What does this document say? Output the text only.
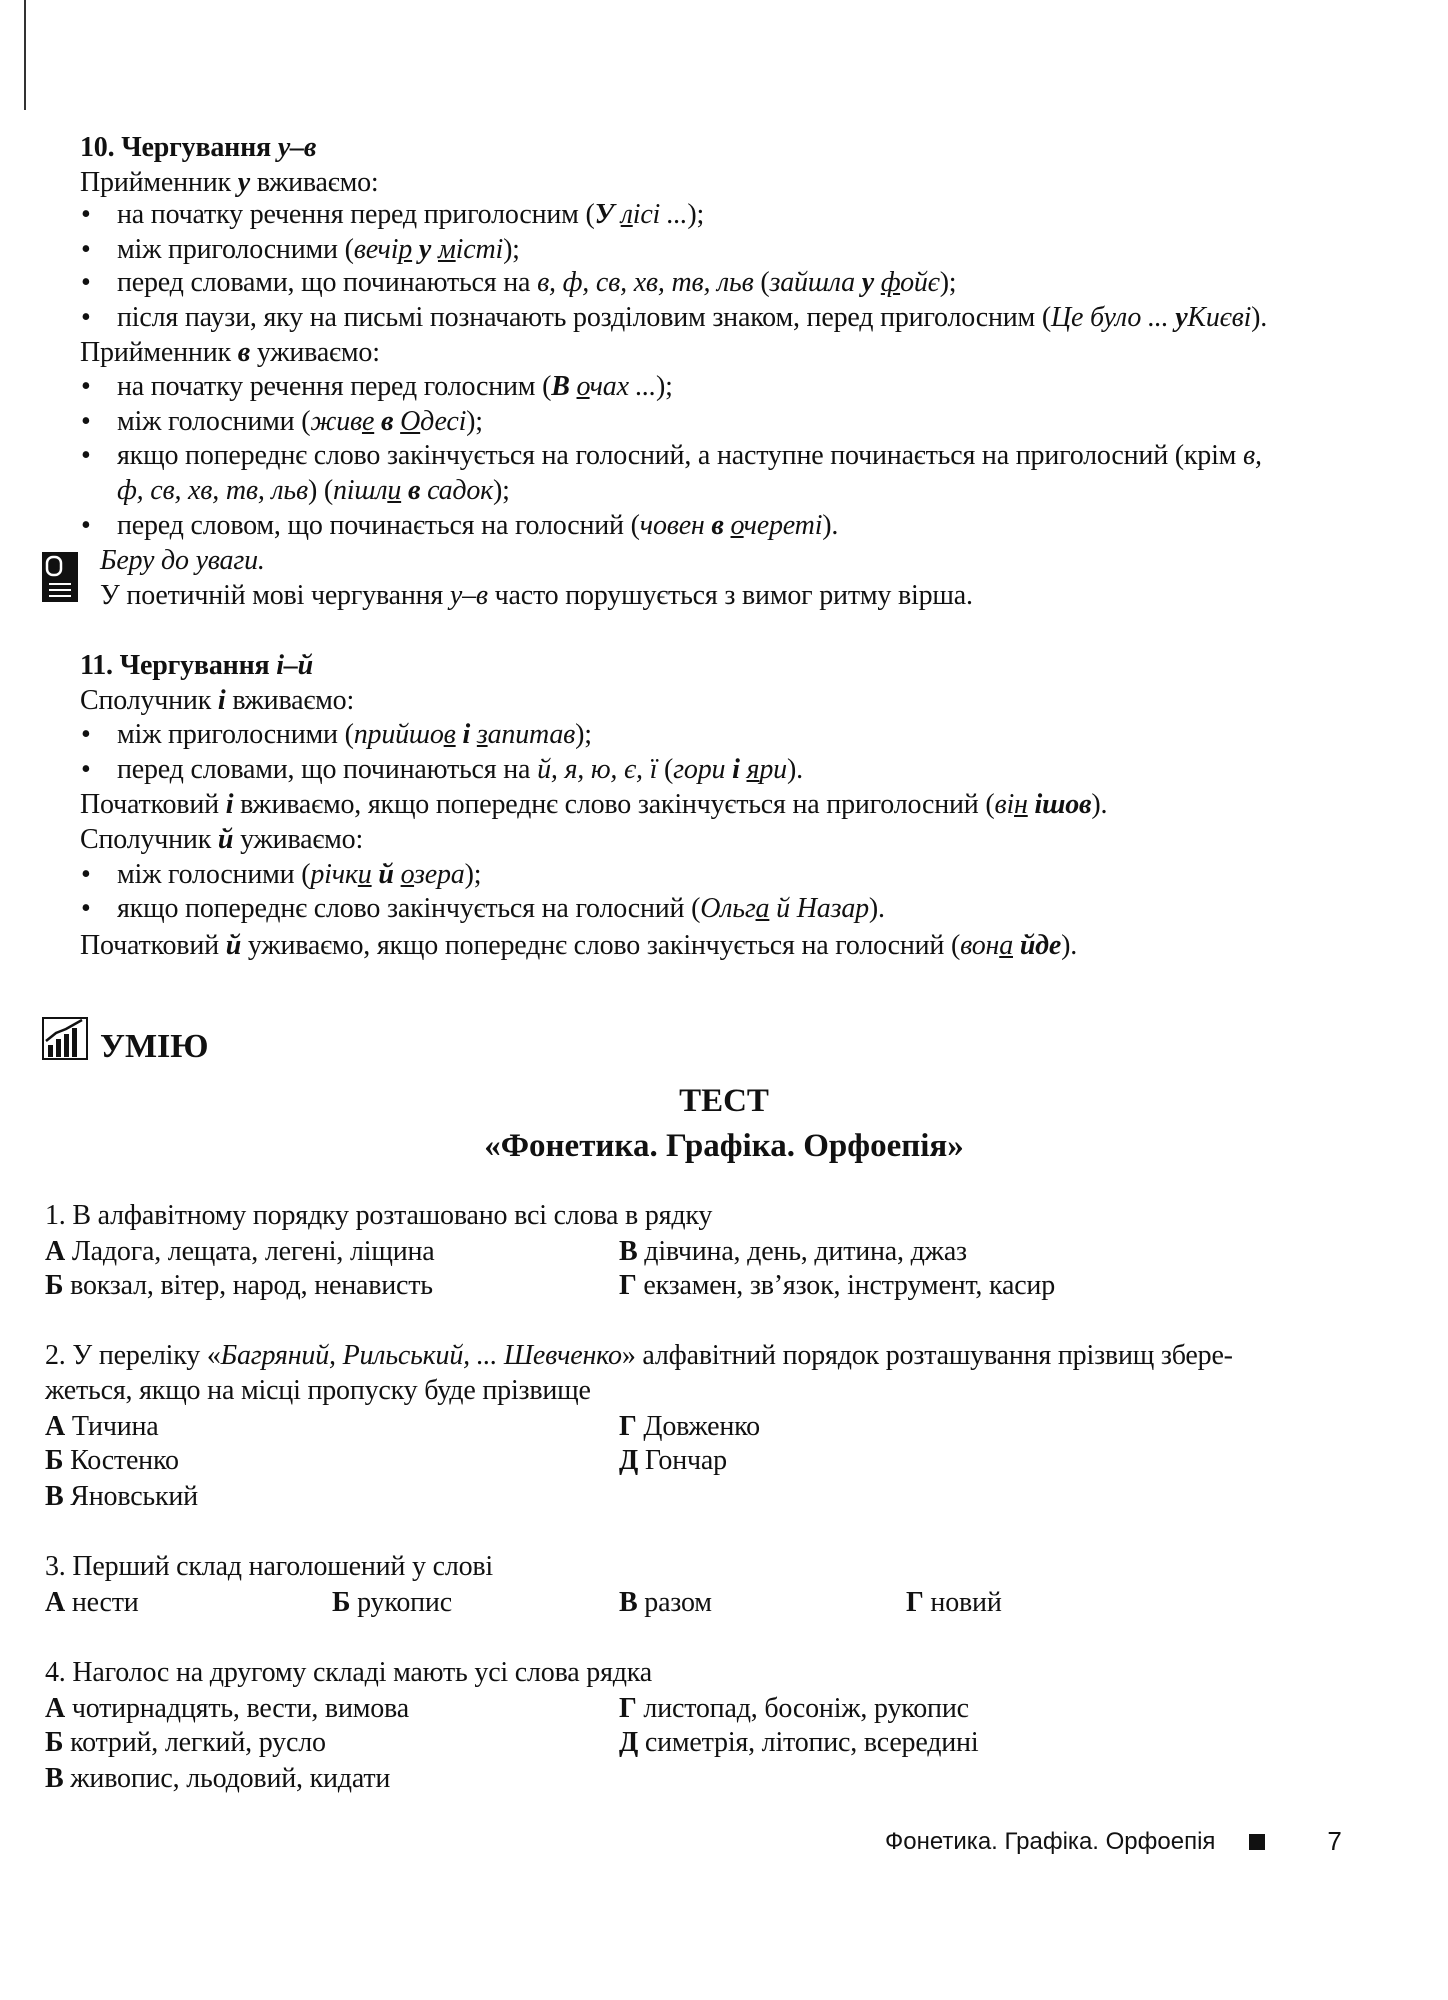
10. Чергування у–в
Прийменник у вживаємо:
• на початку речення перед приголосним (У лісі ...);
• між приголосними (вечір у місті);
• перед словами, що починаються на в, ф, св, хв, тв, льв (зайшла у фойє);
• після паузи, яку на письмі позначають розділовим знаком, перед приголосним (Це було ... уКиєві).
Прийменник в уживаємо:
• на початку речення перед голосним (В очах ...);
• між голосними (живе в Одесі);
• якщо попереднє слово закінчується на голосний, а наступне починається на приголосний (крім в,
ф, св, хв, тв, льв) (пішли в садок);
• перед словом, що починається на голосний (човен в очереті).
Беру до уваги.
У поетичній мові чергування у–в часто порушується з вимог ритму вірша.
11. Чергування і–й
Сполучник і вживаємо:
• між приголосними (прийшов і запитав);
• перед словами, що починаються на й, я, ю, є, ї (гори і яри).
Початковий і вживаємо, якщо попереднє слово закінчується на приголосний (він ішов).
Сполучник й уживаємо:
• між голосними (річки й озера);
• якщо попереднє слово закінчується на голосний (Ольга й Назар).
Початковий й уживаємо, якщо попереднє слово закінчується на голосний (вона йде).
УМІЮ
ТЕСТ
«Фонетика. Графіка. Орфоепія»
1. В алфавітному порядку розташовано всі слова в рядку
А Ладога, лещата, легені, ліщина	В дівчина, день, дитина, джаз
Б вокзал, вітер, народ, ненависть	Г екзамен, зв’язок, інструмент, касир
2. У переліку «Багряний, Рильський, ... Шевченко» алфавітний порядок розташування прізвищ збере-
жеться, якщо на місці пропуску буде прізвище
А Тичина	Г Довженко
Б Костенко	Д Гончар
В Яновський
3. Перший склад наголошений у слові
А нести	Б рукопис	В разом	Г новий
4. Наголос на другому складі мають усі слова рядка
А чотирнадцять, вести, вимова	Г листопад, босоніж, рукопис
Б котрий, легкий, русло	Д симетрія, літопис, всередині
В живопис, льодовий, кидати
Фонетика. Графіка. Орфоепія	7
